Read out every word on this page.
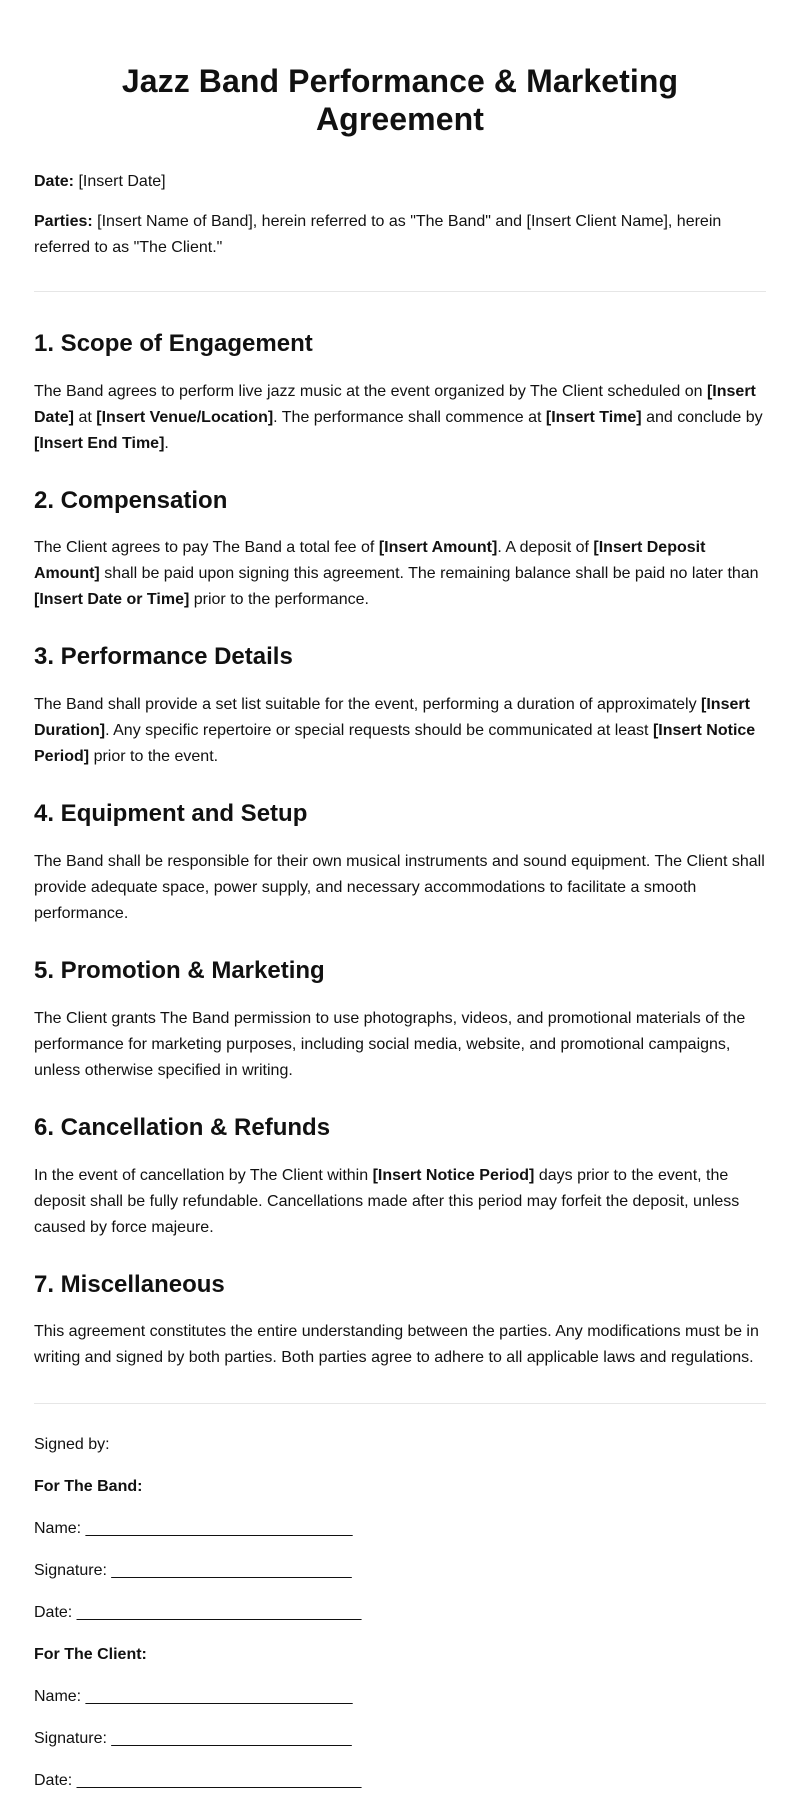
Jazz Band Performance & Marketing Agreement

Date: [Insert Date]

Parties: [Insert Name of Band], herein referred to as "The Band" and [Insert Client Name], herein referred to as "The Client."

1. Scope of Engagement

The Band agrees to perform live jazz music at the event organized by The Client scheduled on [Insert Date] at [Insert Venue/Location]. The performance shall commence at [Insert Time] and conclude by [Insert End Time].

2. Compensation

The Client agrees to pay The Band a total fee of [Insert Amount]. A deposit of [Insert Deposit Amount] shall be paid upon signing this agreement. The remaining balance shall be paid no later than [Insert Date or Time] prior to the performance.

3. Performance Details

The Band shall provide a set list suitable for the event, performing a duration of approximately [Insert Duration]. Any specific repertoire or special requests should be communicated at least [Insert Notice Period] prior to the event.

4. Equipment and Setup

The Band shall be responsible for their own musical instruments and sound equipment. The Client shall provide adequate space, power supply, and necessary accommodations to facilitate a smooth performance.

5. Promotion & Marketing

The Client grants The Band permission to use photographs, videos, and promotional materials of the performance for marketing purposes, including social media, website, and promotional campaigns, unless otherwise specified in writing.

6. Cancellation & Refunds

In the event of cancellation by The Client within [Insert Notice Period] days prior to the event, the deposit shall be fully refundable. Cancellations made after this period may forfeit the deposit, unless caused by force majeure.

7. Miscellaneous

This agreement constitutes the entire understanding between the parties. Any modifications must be in writing and signed by both parties. Both parties agree to adhere to all applicable laws and regulations.

Signed by:

For The Band:

Name: ______________________________

Signature: ___________________________

Date: ________________________________

For The Client:

Name: ______________________________

Signature: ___________________________

Date: ________________________________
